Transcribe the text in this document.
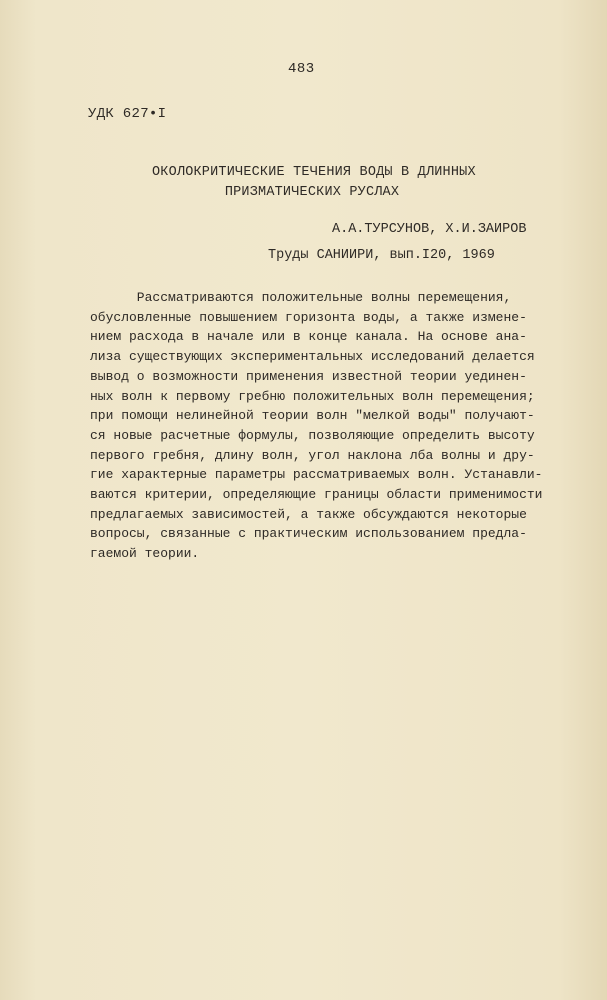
483
УДК 627•I
ОКОЛОКРИТИЧЕСКИЕ ТЕЧЕНИЯ ВОДЫ В ДЛИННЫХ
ПРИЗМАТИЧЕСКИХ РУСЛАХ
А.А.ТУРСУНОВ, Х.И.ЗАИРОВ
Труды САНИИРИ, вып.I20, 1969
Рассматриваются положительные волны перемещения,
обусловленные повышением горизонта воды, а также измене-
нием расхода в начале или в конце канала. На основе ана-
лиза существующих экспериментальных исследований делается
вывод о возможности применения известной теории уединен-
ных волн к первому гребню положительных волн перемещения;
при помощи нелинейной теории волн "мелкой воды" получают-
ся новые расчетные формулы, позволяющие определить высоту
первого гребня, длину волн, угол наклона лба волны и дру-
гие характерные параметры рассматриваемых волн. Устанавли-
ваются критерии, определяющие границы области применимости
предлагаемых зависимостей, а также обсуждаются некоторые
вопросы, связанные с практическим использованием предла-
гаемой теории.
